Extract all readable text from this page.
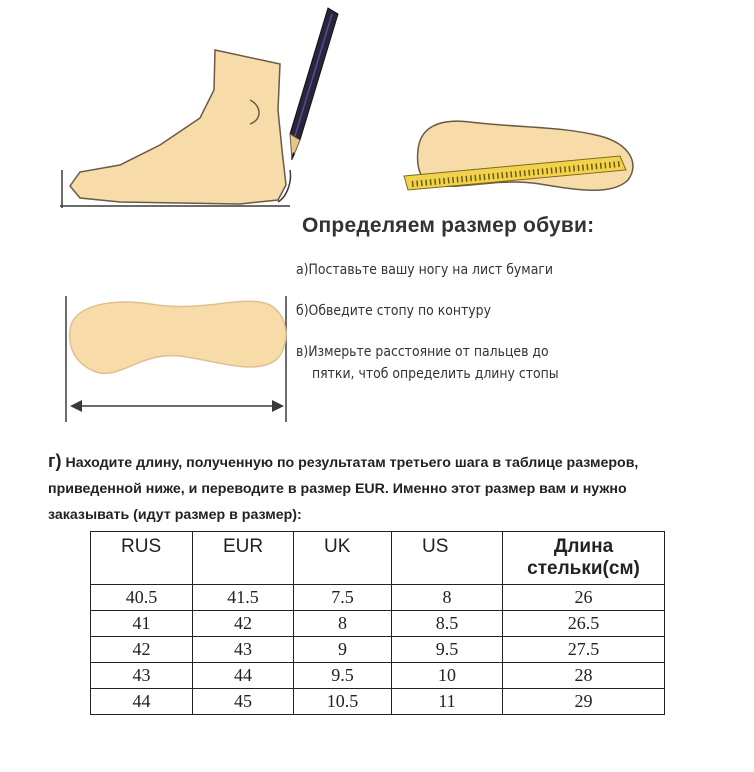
Определяем размер обуви:
а)Поставьте вашу ногу на лист бумаги
б)Обведите стопу по контуру
в)Измерьте расстояние от пальцев до
пятки, чтоб определить длину стопы
г) Находите длину, полученную по результатам третьего шага в таблице размеров,
приведенной ниже, и переводите в размер EUR. Именно этот размер вам и нужно
заказывать (идут размер в размер):
RUS	EUR	UK	US	Длина
стельки(см)
40.5	41.5	7.5	8	26
41	42	8	8.5	26.5
42	43	9	9.5	27.5
43	44	9.5	10	28
44	45	10.5	11	29
